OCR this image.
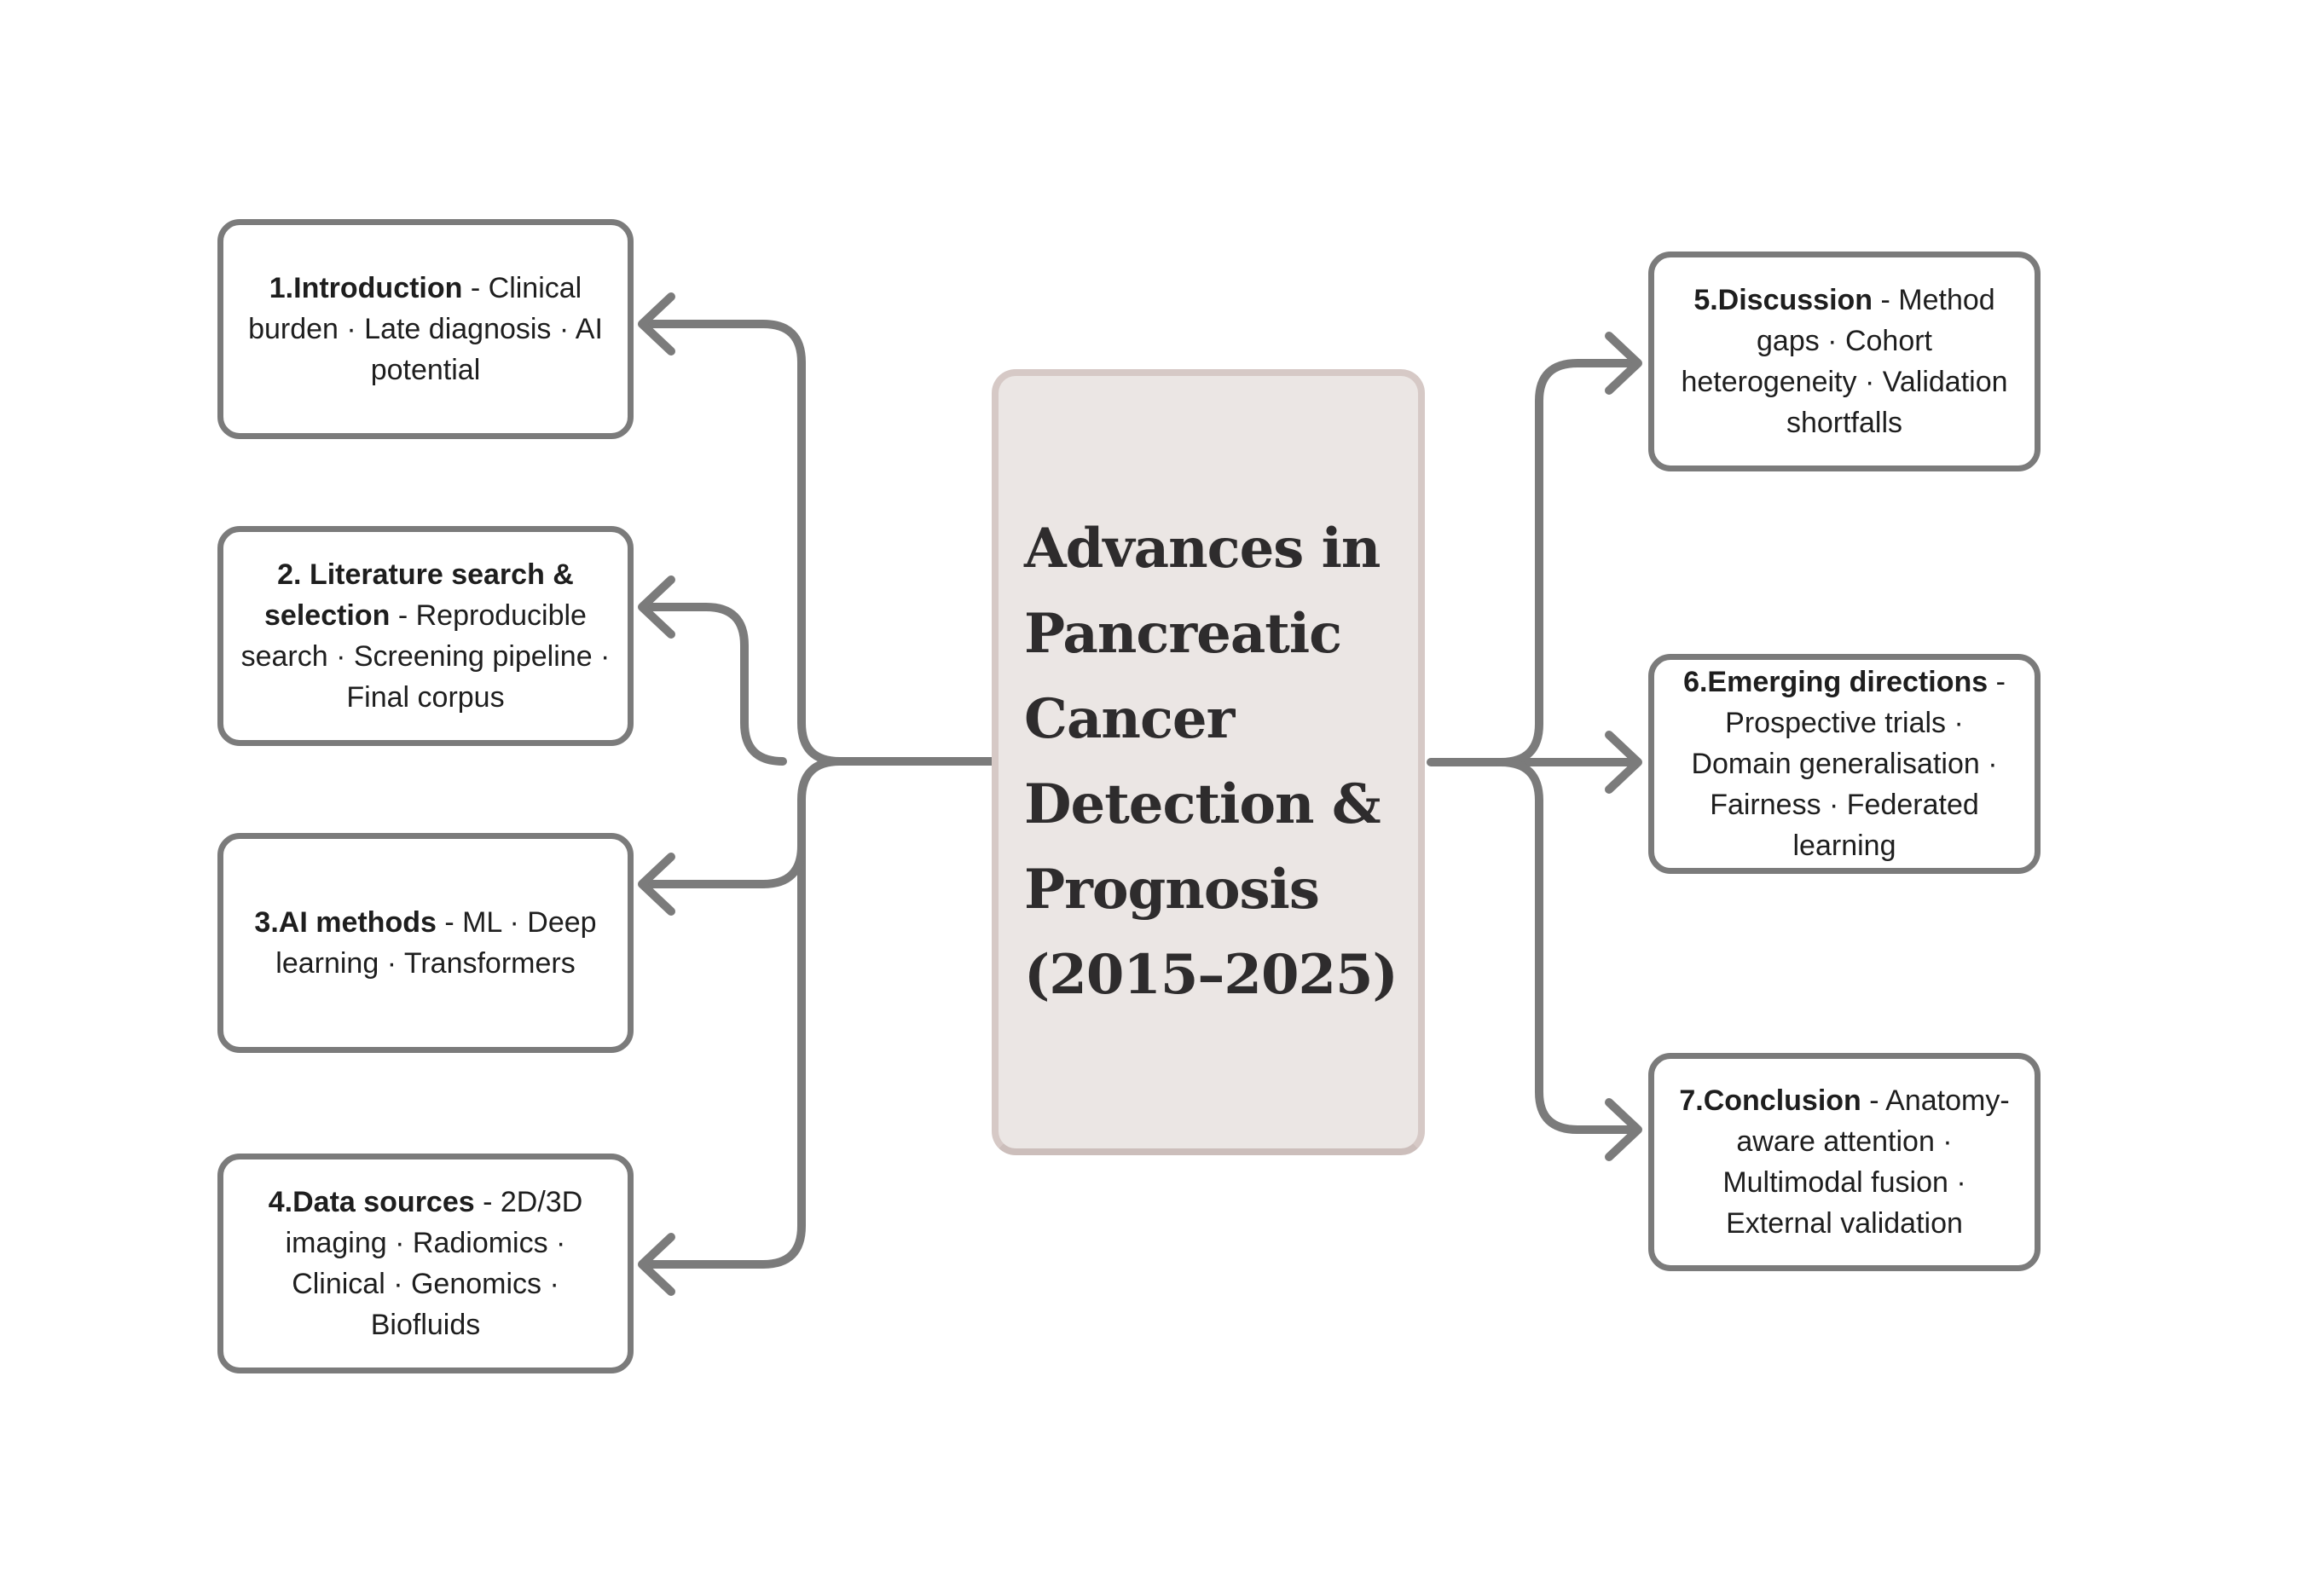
1.Introduction - Clinical burden · Late diagnosis · AI potential

2. Literature search & selection - Reproducible search · Screening pipeline · Final corpus

3.AI methods - ML · Deep learning · Transformers

4.Data sources - 2D/3D imaging · Radiomics · Clinical · Genomics · Biofluids

5.Discussion - Method gaps · Cohort heterogeneity · Validation shortfalls

6.Emerging directions - Prospective trials · Domain generalisation · Fairness · Federated learning

7.Conclusion - Anatomy-aware attention · Multimodal fusion · External validation

Advances in
Pancreatic
Cancer
Detection &
Prognosis
(2015–2025)
